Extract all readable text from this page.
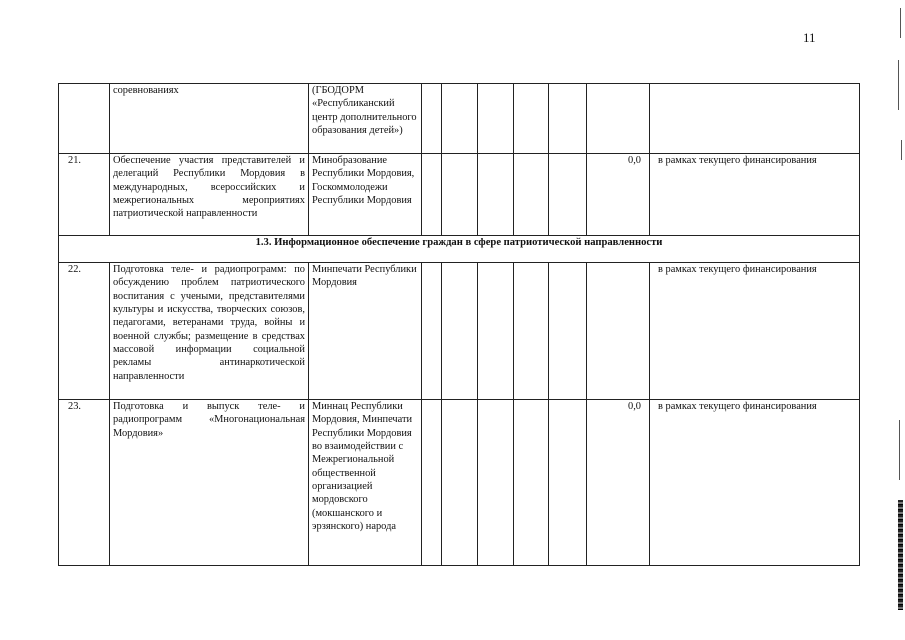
11
	соревнованиях	(ГБОДОРМ «Республиканский центр дополнительного образования детей»)							
21.	Обеспечение участия представителей и делегаций Республики Мордовия в международных, всероссийских и межрегиональных мероприятиях патриотической направленности	Минобразование Республики Мордовия, Госкоммолодежи Республики Мордовия						0,0	в рамках текущего финансирования
1.3. Информационное обеспечение граждан в сфере патриотической направленности									
22.	Подготовка теле- и радиопрограмм: по обсуждению проблем патриотического воспитания с учеными, представителями культуры и искусства, творческих союзов, педагогами, ветеранами труда, войны и военной службы; размещение в средствах массовой информации социальной рекламы антинаркотической направленности	Минпечати Республики Мордовия							в рамках текущего финансирования
23.	Подготовка и выпуск теле- и радиопрограмм «Многонациональная Мордовия»	Миннац Республики Мордовия, Минпечати Республики Мордовия во взаимодействии с Межрегиональной общественной организацией мордовского (мокшанского и эрзянского) народа						0,0	в рамках текущего финансирования
